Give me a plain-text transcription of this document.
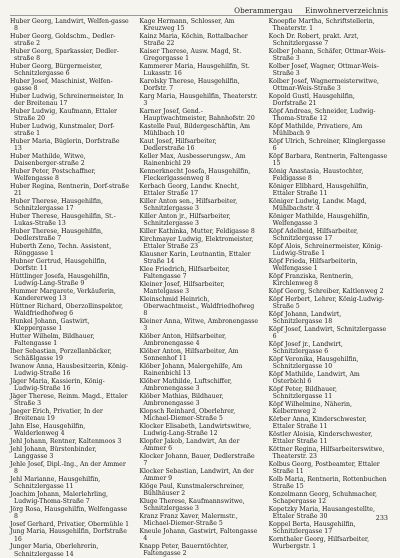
Oberammergau Einwohnerverzeichnis
Huber Georg, Landwirt, Welfen-gasse 8
Huber Georg, Goldschm., Dedler-straße 2
Huber Georg, Sparkassier, Dedler-straße 8
Huber Georg, Bürgermeister, Schnitzlergasse 6
Huber Josef, Maschinist, Welfen-gasse 8
Huber Ludwig, Schreinermeister, In der Breitenau 17
Huber Ludwig, Kaufmann, Ettaler Straße 20
Huber Ludwig, Kunstmaler, Dorf-straße 1
Huber Maria, Büglerin, Dorfstraße 13
Huber Mathilde, Witwe, Daisenberger-straße 2
Huber Peter, Postschaffner, Welfengasse 8
Huber Regina, Rentnerin, Dorf-straße 21
Huber Therese, Hausgehilfin, Schnitzlergasse 17
Huber Therese, Hausgehilfin, St.-Lukas-Straße 13
Huber Therese, Hausgehilfin, Dedlerstraße 7
Huberth Zeno, Techn. Assistent, Rönggasse 1
Hubner Gertrud, Hausgehilfin, Dorfstr. 11
Hüttlinger Josefa, Hausgehilfin, Ludwig-Lang-Straße 9
Hummer Margarete, Verkäuferin, Kandererweg 13
Hüttner Richard, Oberzollinspektor, Waldfriedhofweg 6
Hunkel Johann, Gastwirt, Kleppergasse 1
Hutter Wilhelm, Bildhauer, Faltengasse 1
Iber Sebastian, Porzellanbäcker, Schäßlgasse 19
Iwanow Anna, Hausbesitzerin, König-Ludwig-Straße 16
Jäger Maria, Kassierin, König-Ludwig-Straße 16
Jäger Therese, Reinm. Magd., Ettaler Straße 3
Jaeger Erich, Privatier, In der Breitenau 19
Jahn Else, Hausgehilfin, Walderlenweg 4
Jehl Johann, Rentner, Kaltenmoos 3
Jehl Johann, Bürstenbinder, Langgasse 3
Jehle Josef, Dipl.-Ing., An der Ammer 8
Jehl Marianne, Hausgehilfin, Schnitzlergasse 11
Joachim Johann, Malerlehrling, Ludwig-Thoma-Straße 7
Jörg Rosa, Hausgehilfin, Welfengasse 8
Josef Gerhard, Privatier, Obermühle 1
Jung Maria, Hausgehilfin, Dorfstraße 16
Junger Maria, Oberlehrerin, Schnitzlergasse 14
Kage Hermann, Schlosser, Am Kreuzweg 15
Kainz Maria, Köchin, Rottalbacher Straße 22
Kaiser Therese, Ausw. Magd, St. Gregorgasse 1
Kammerer Maria, Hausgehilfin, St. Lukasstr. 16
Karolsky Therese, Hausgehilfin, Dorfstr. 7
Karg Maria, Hausgehilfin, Theaterstr. 3
Karner Josef, Gend.-Hauptwachtmeister, Bahnhofstr. 20
Kastelle Paul, Bildergeschäftin, Am Mühlbach 10
Kaut Josef, Hilfsarbeiter, Dedlerstraße 16
Keller Max, Ausbesserungsw., Am Rainenbichl 29
Kennerknecht Josefa, Hausgehilfin, Fleckerlgassenweg 8
Kerbach Georg, Landw. Knecht, Ettaler Straße 17
Killer Anton sen., Hilfsarbeiter, Schnitzlergasse 3
Killer Anton jr., Hilfsarbeiter, Schnitzlergasse 3
Killer Kathinka, Mutter, Feldigasse 8
Kirchmayer Ludwig, Elektromeister, Ettaler Straße 23
Klausner Karin, Leutnantin, Ettaler Straße 14
Klee Friedrich, Hilfsarbeiter, Faltengasse 7
Kleiner Josef, Hilfsarbeiter, Mantelgasse 3
Kleinschmid Heinrich, Oberwachtmeist., Waldfriedhofweg 8
Kleiner Anna, Witwe, Ambronengasse 3
Klöber Anton, Hilfsarbeiter, Ambronengasse 4
Klöber Anton, Hilfsarbeiter, Am Sonnenhof 11
Klöber Johann, Malergehilfe, Am Rainenbichl 13
Klöber Mathilde, Luftschiffer, Ambronengasse 3
Klöber Mathias, Bildhauer, Ambronengasse 3
Klopsch Reinhard, Oberlehrer, Michael-Diemer-Straße 5
Klocker Elisabeth, Landwirtswitwe, Ludwig-Lang-Straße 12
Klopfer Jakob, Landwirt, An der Ammer 6
Klocker Johann, Bauer, Dedlerstraße 7
Klocker Sebastian, Landwirt, An der Ammer 9
Klöge Paul, Kunstmalerschreiner, Bühlhäuser 2
Kluge Therese, Kaufmannswitwe, Schnitzlergasse 3
Kranz Franz Xaver, Malermstr., Michael-Diemer-Straße 5
Kneule Johann, Gastwirt, Faltengasse 4
Knapp Peter, Bauerntöchter, Faltengasse 2
Knoepfle Martha, Schriftstellerin, Theaterstr. 1
Koch Dr. Robert, prakt. Arzt, Schnitzlergasse 7
Kolber Johann, Schäfer, Ottmar-Weis-Straße 3
Kolber Josef, Wagner, Ottmar-Weis-Straße 3
Kolber Josef, Wagnermeisterwitwe, Ottmar-Weis-Straße 3
Kopold Gustl, Hausgehilfin, Dorfstraße 21
Köpf Andreas, Schneider, Ludwig-Thoma-Straße 12
Köpf Mathilde, Privatiere, Am Mühlbach 9
Köpf Ulrich, Schreiner, Klinglergasse 6
Köpf Barbara, Rentnerin, Faltengasse 15
König Anastasia, Haustochter, Feldigasse 8
Königer Ellbhard, Hausgehilfin, Ettaler Straße 11
Königer Ludwig, Landw. Magd, Mühlbachstr. 4
Königer Mathilde, Hausgehilfin, Welfengasse 3
Köpf Adelheid, Hilfsarbeiter, Schnitzlergasse 17
Köpf Alois, Schreinermeister, König-Ludwig-Straße 1
Köpf Frieda, Hilfsarbeiterin, Welfengasse 1
Köpf Franziska, Rentnerin, Kirchlenweg 8
Köpf Georg, Schreiber, Kaltlenweg 2
Köpf Herbert, Lehrer, König-Ludwig-Straße 5
Köpf Johann, Landwirt, Schnitzlergasse 18
Köpf Josef, Landwirt, Schnitzlergasse 6
Köpf Josef jr., Landwirt, Schnitzlergasse 6
Köpf Veronika, Hausgehilfin, Schnitzlergasse 10
Köpf Mathilde, Landwirt, Am Osterbichl 6
Köpf Peter, Bildhauer, Schnitzlergasse 11
Köpf Wilhelmine, Näherin, Kelbernweg 2
Körber Anna, Kinderschwester, Ettaler Straße 11
Köstler Aloisia, Kinderschwester, Ettaler Straße 11
Köttner Regina, Hilfsarbeiterswitwe, Theaterstr. 23
Kolbus Georg, Postbeamter, Ettaler Straße 11
Kolb Maria, Rentnerin, Rottenbuchen Straße 15
Konzelmann Georg, Schuhmacher, Schapergasse 12
Kopetzky Maria, Hausangestellte, Ettaler Straße 30
Koppel Berta, Hausgehilfin, Schnitzlergasse 17
Kornthaler Georg, Hilfsarbeiter, Wurbergstr. 1
233
